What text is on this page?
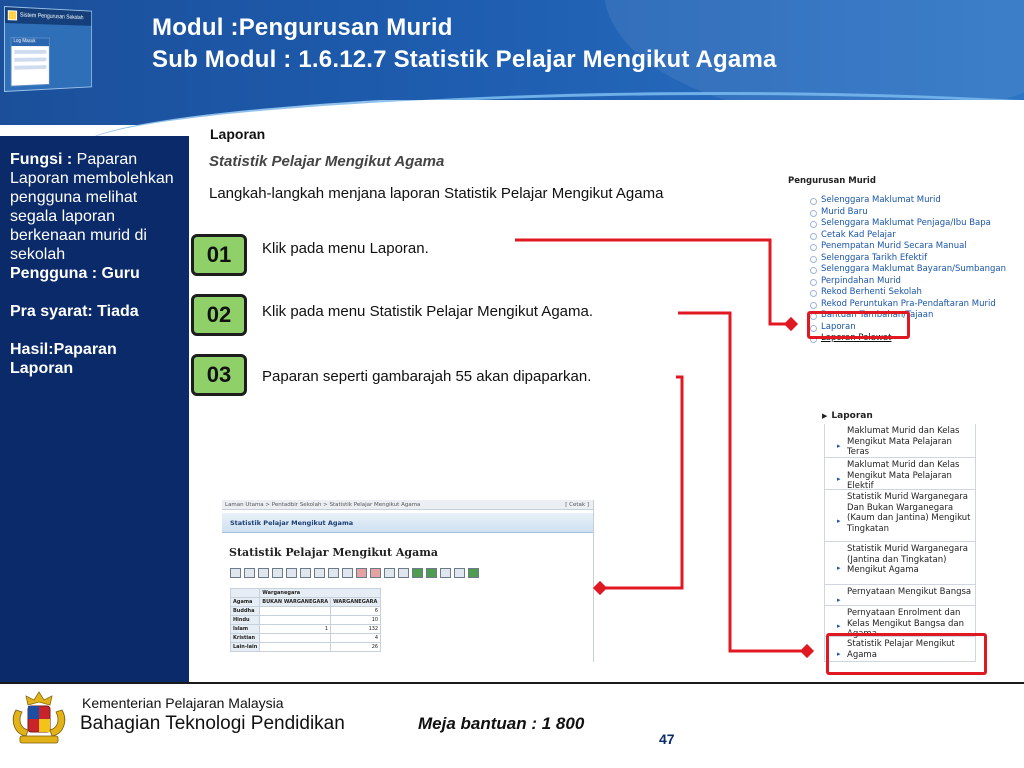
Sistem Pengurusan Sekolah
Log Masuk
Modul :Pengurusan Murid
Sub Modul : 1.6.12.7 Statistik Pelajar Mengikut Agama

Fungsi : Paparan Laporan membolehkan pengguna melihat segala laporan berkenaan murid di sekolah
Pengguna : Guru

Pra syarat: Tiada

Hasil:Paparan Laporan

Laporan
Statistik Pelajar Mengikut Agama
Langkah-langkah menjana laporan Statistik Pelajar Mengikut Agama
01	Klik pada menu Laporan.
02	Klik pada menu Statistik Pelajar Mengikut Agama.
03	Paparan seperti gambarajah 55 akan dipaparkan.
Pengurusan Murid
Selenggara Maklumat Murid
Murid Baru
Selenggara Maklumat Penjaga/Ibu Bapa
Cetak Kad Pelajar
Penempatan Murid Secara Manual
Selenggara Tarikh Efektif
Selenggara Maklumat Bayaran/Sumbangan
Perpindahan Murid
Rekod Berhenti Sekolah
Rekod Peruntukan Pra-Pendaftaran Murid
Bantuan Tambahan/Tajaan
Laporan
Laporan Pelawat
▶ Laporan
▸
Maklumat Murid dan Kelas Mengikut Mata Pelajaran Teras
▸
Maklumat Murid dan Kelas Mengikut Mata Pelajaran Elektif
▸
Statistik Murid Warganegara Dan Bukan Warganegara (Kaum dan Jantina) Mengikut Tingkatan
▸
Statistik Murid Warganegara (Jantina dan Tingkatan) Mengikut Agama
▸
Pernyataan Mengikut Bangsa
▸
Pernyataan Enrolment dan Kelas Mengikut Bangsa dan Agama
▸
Statistik Pelajar Mengikut Agama
Laman Utama > Pentadbir Sekolah > Statistik Pelajar Mengikut Agama	[ Cetak ]
Statistik Pelajar Mengikut Agama
Statistik Pelajar Mengikut Agama
	Warganegara	
Agama	BUKAN WARGANEGARA	WARGANEGARA
Buddha		6
Hindu		10
Islam	1	132
Kristian		4
Lain-lain		26
Kementerian Pelajaran Malaysia
Bahagian Teknologi Pendidikan	Meja bantuan : 1 800
47
